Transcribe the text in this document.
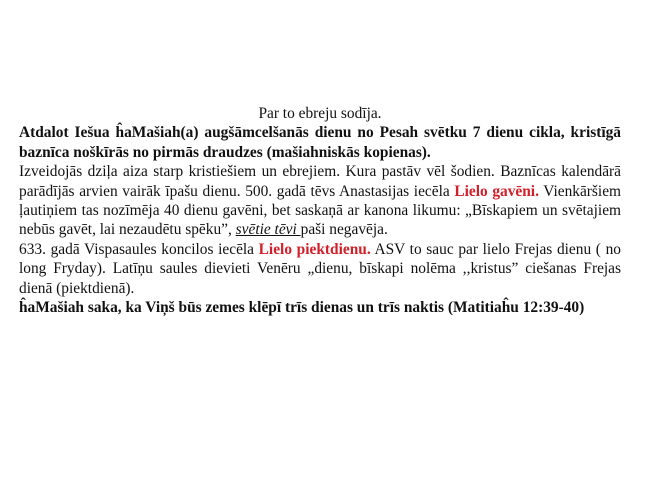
Par to ebreju sodīja.

Atdalot Iešua ĥaMašiah(a) augšāmcelšanās dienu no Pesah svētku 7 dienu cikla, kristīgā baznīca noškīrās no pirmās draudzes (mašiahniskās kopienas).

Izveidojās dziļa aiza starp kristiešiem un ebrejiem. Kura pastāv vēl šodien. Baznīcas kalendārā parādījās arvien vairāk īpašu dienu. 500. gadā tēvs Anastasijas iecēla Lielo gavēni. Vienkāršiem ļautiņiem tas nozīmēja 40 dienu gavēni, bet saskaņā ar kanona likumu: „Bīskapiem un svētajiem nebūs gavēt, lai nezaudētu spēku”, svētie tēvi paši negavēja.

633. gadā Vispasaules koncilos iecēla Lielo piektdienu. ASV to sauc par lielo Frejas dienu ( no long Fryday). Latīņu saules dievieti Venēru „dienu, bīskapi nolēma ,,kristus” ciešanas Frejas dienā (piektdienā).

ĥaMašiah saka, ka Viņš būs zemes klēpī trīs dienas un trīs naktis (Matitiaĥu 12:39-40)
